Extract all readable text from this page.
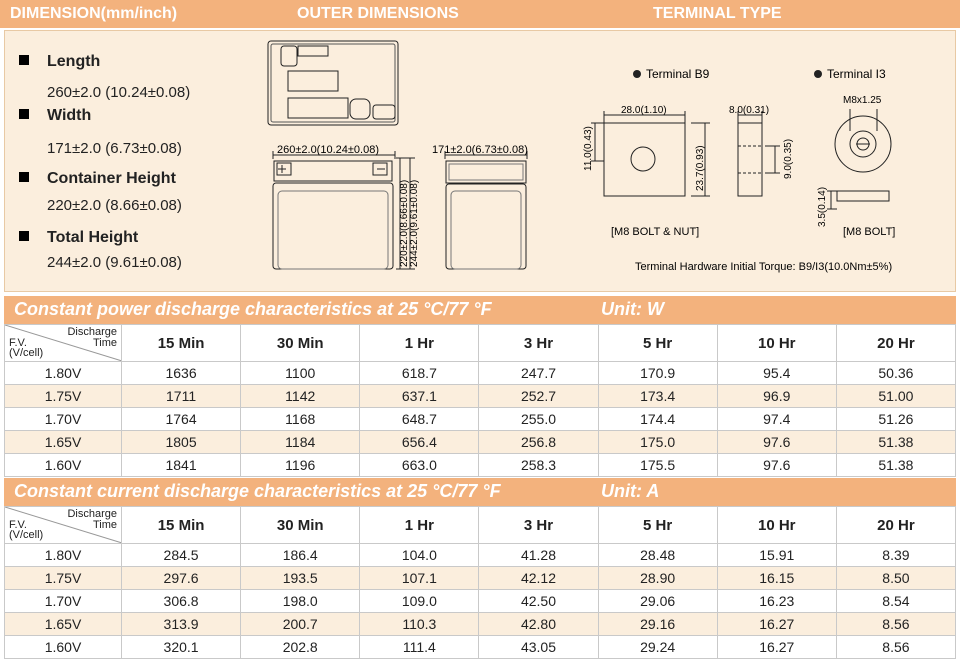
DIMENSION(mm/inch)	OUTER DIMENSIONS	TERMINAL TYPE
Length
260±2.0 (10.24±0.08)
Width
171±2.0 (6.73±0.08)
Container Height
220±2.0 (8.66±0.08)
Total Height
244±2.0 (9.61±0.08)
260±2.0(10.24±0.08)	171±2.0(6.73±0.08)
220±2.0(8.66±0.08) 244±2.0(9.61±0.08)
Terminal B9
28.0(1.10)	8.0(0.31)
11.0(0.43)	23.7(0.93)	9.0(0.35)
[M8 BOLT & NUT]
Terminal I3
M8x1.25
3.5(0.14)
[M8 BOLT]
Terminal Hardware Initial Torque: B9/I3(10.0Nm±5%)
Constant power discharge characteristics at 25 °C/77 °F	Unit: W
Discharge
Time
F.V.
(V/cell)	15 Min	30 Min	1 Hr	3 Hr	5 Hr	10 Hr	20 Hr
1.80V	1636	1100	618.7	247.7	170.9	95.4	50.36
1.75V	1711	1142	637.1	252.7	173.4	96.9	51.00
1.70V	1764	1168	648.7	255.0	174.4	97.4	51.26
1.65V	1805	1184	656.4	256.8	175.0	97.6	51.38
1.60V	1841	1196	663.0	258.3	175.5	97.6	51.38
Constant current discharge characteristics at 25 °C/77 °F	Unit: A
Discharge
Time
F.V.
(V/cell)	15 Min	30 Min	1 Hr	3 Hr	5 Hr	10 Hr	20 Hr
1.80V	284.5	186.4	104.0	41.28	28.48	15.91	8.39
1.75V	297.6	193.5	107.1	42.12	28.90	16.15	8.50
1.70V	306.8	198.0	109.0	42.50	29.06	16.23	8.54
1.65V	313.9	200.7	110.3	42.80	29.16	16.27	8.56
1.60V	320.1	202.8	111.4	43.05	29.24	16.27	8.56
